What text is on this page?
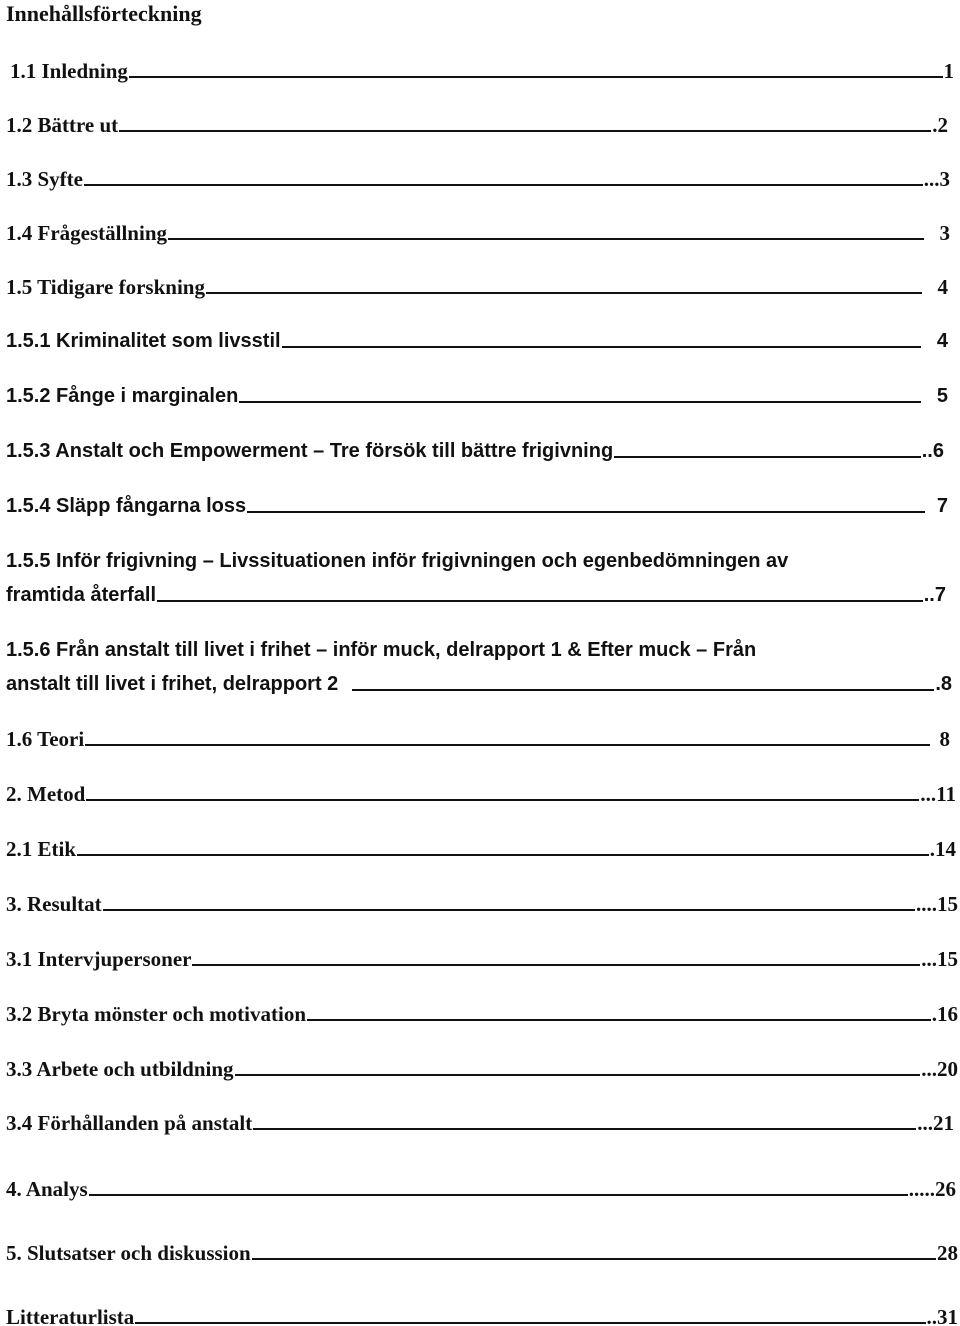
Innehållsförteckning
1.1 Inledning	1
1.2 Bättre ut	.2
1.3 Syfte	...3
1.4 Frågeställning	3
1.5 Tidigare forskning	4
1.5.1 Kriminalitet som livsstil	4
1.5.2 Fånge i marginalen	5
1.5.3 Anstalt och Empowerment – Tre försök till bättre frigivning	..6
1.5.4 Släpp fångarna loss	7
1.5.5 Inför frigivning – Livssituationen inför frigivningen och egenbedömningen av
framtida återfall	..7
1.5.6 Från anstalt till livet i frihet – inför muck, delrapport 1 & Efter muck – Från
anstalt till livet i frihet, delrapport 2	.8
1.6 Teori	8
2. Metod	...11
2.1 Etik	.14
3. Resultat	....15
3.1 Intervjupersoner	...15
3.2 Bryta mönster och motivation	.16
3.3 Arbete och utbildning	...20
3.4 Förhållanden på anstalt	...21
4. Analys	.....26
5. Slutsatser och diskussion	28
Litteraturlista	..31
